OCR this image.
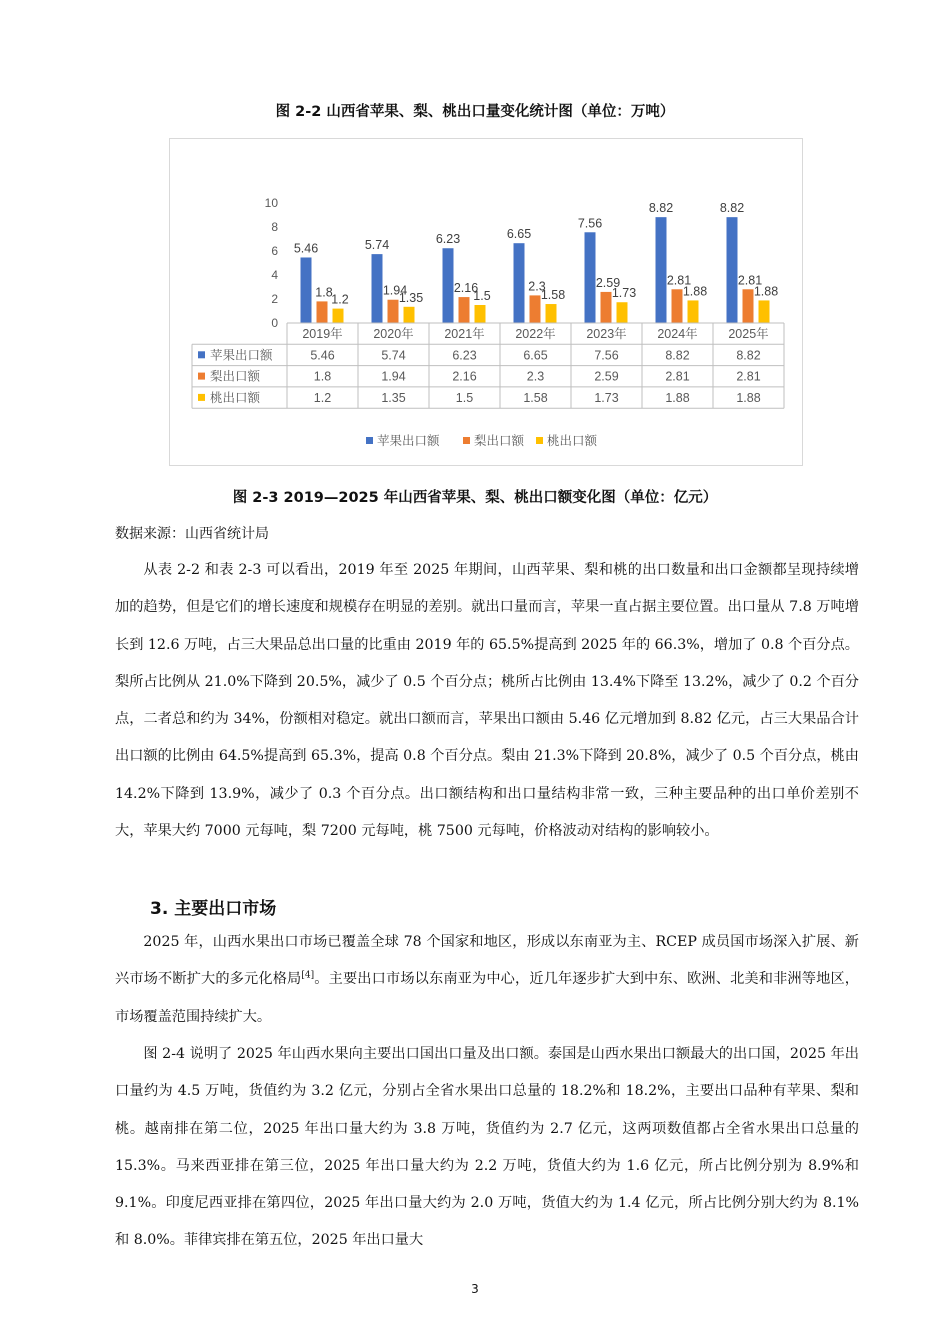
图 2-2 山西省苹果、梨、桃出口量变化统计图（单位：万吨）
0
2
4
6
8
10
5.46	5.74	6.23	6.65
7.56
8.82	8.82
1.8	1.94	2.16	2.3	2.59	2.81	2.81
1.2	1.35	1.5	1.58	1.73	1.88	1.88
2019年 2020年 2021年 2022年 2023年 2024年 2025年
苹果出口额	5.46	5.74	6.23	6.65	7.56	8.82	8.82
梨出口额	1.8	1.94	2.16	2.3	2.59	2.81	2.81
桃出口额	1.2	1.35	1.5	1.58	1.73	1.88	1.88
苹果出口额	梨出口额 桃出口额
图 2-3 2019—2025 年山西省苹果、梨、桃出口额变化图（单位：亿元）
数据来源：山西省统计局

从表 2-2 和表 2-3 可以看出，2019 年至 2025 年期间，山西苹果、梨和桃的出口数量和出口金额都呈现持续增加的趋势，但是它们的增长速度和规模存在明显的差别。就出口量而言，苹果一直占据主要位置。出口量从 7.8 万吨增长到 12.6 万吨，占三大果品总出口量的比重由 2019 年的 65.5%提高到 2025 年的 66.3%，增加了 0.8 个百分点。梨所占比例从 21.0%下降到 20.5%，减少了 0.5 个百分点；桃所占比例由 13.4%下降至 13.2%，减少了 0.2 个百分点，二者总和约为 34%，份额相对稳定。就出口额而言，苹果出口额由 5.46 亿元增加到 8.82 亿元，占三大果品合计出口额的比例由 64.5%提高到 65.3%，提高 0.8 个百分点。梨由 21.3%下降到 20.8%，减少了 0.5 个百分点，桃由 14.2%下降到 13.9%，减少了 0.3 个百分点。出口额结构和出口量结构非常一致，三种主要品种的出口单价差别不大，苹果大约 7000 元每吨，梨 7200 元每吨，桃 7500 元每吨，价格波动对结构的影响较小。

3. 主要出口市场

2025 年，山西水果出口市场已覆盖全球 78 个国家和地区，形成以东南亚为主、RCEP 成员国市场深入扩展、新兴市场不断扩大的多元化格局[4]。主要出口市场以东南亚为中心，近几年逐步扩大到中东、欧洲、北美和非洲等地区，市场覆盖范围持续扩大。

图 2-4 说明了 2025 年山西水果向主要出口国出口量及出口额。泰国是山西水果出口额最大的出口国，2025 年出口量约为 4.5 万吨，货值约为 3.2 亿元，分别占全省水果出口总量的 18.2%和 18.2%，主要出口品种有苹果、梨和桃。越南排在第二位，2025 年出口量大约为 3.8 万吨，货值约为 2.7 亿元，这两项数值都占全省水果出口总量的 15.3%。马来西亚排在第三位，2025 年出口量大约为 2.2 万吨，货值大约为 1.6 亿元，所占比例分别为 8.9%和 9.1%。印度尼西亚排在第四位，2025 年出口量大约为 2.0 万吨，货值大约为 1.4 亿元，所占比例分别大约为 8.1%和 8.0%。菲律宾排在第五位，2025 年出口量大

3
